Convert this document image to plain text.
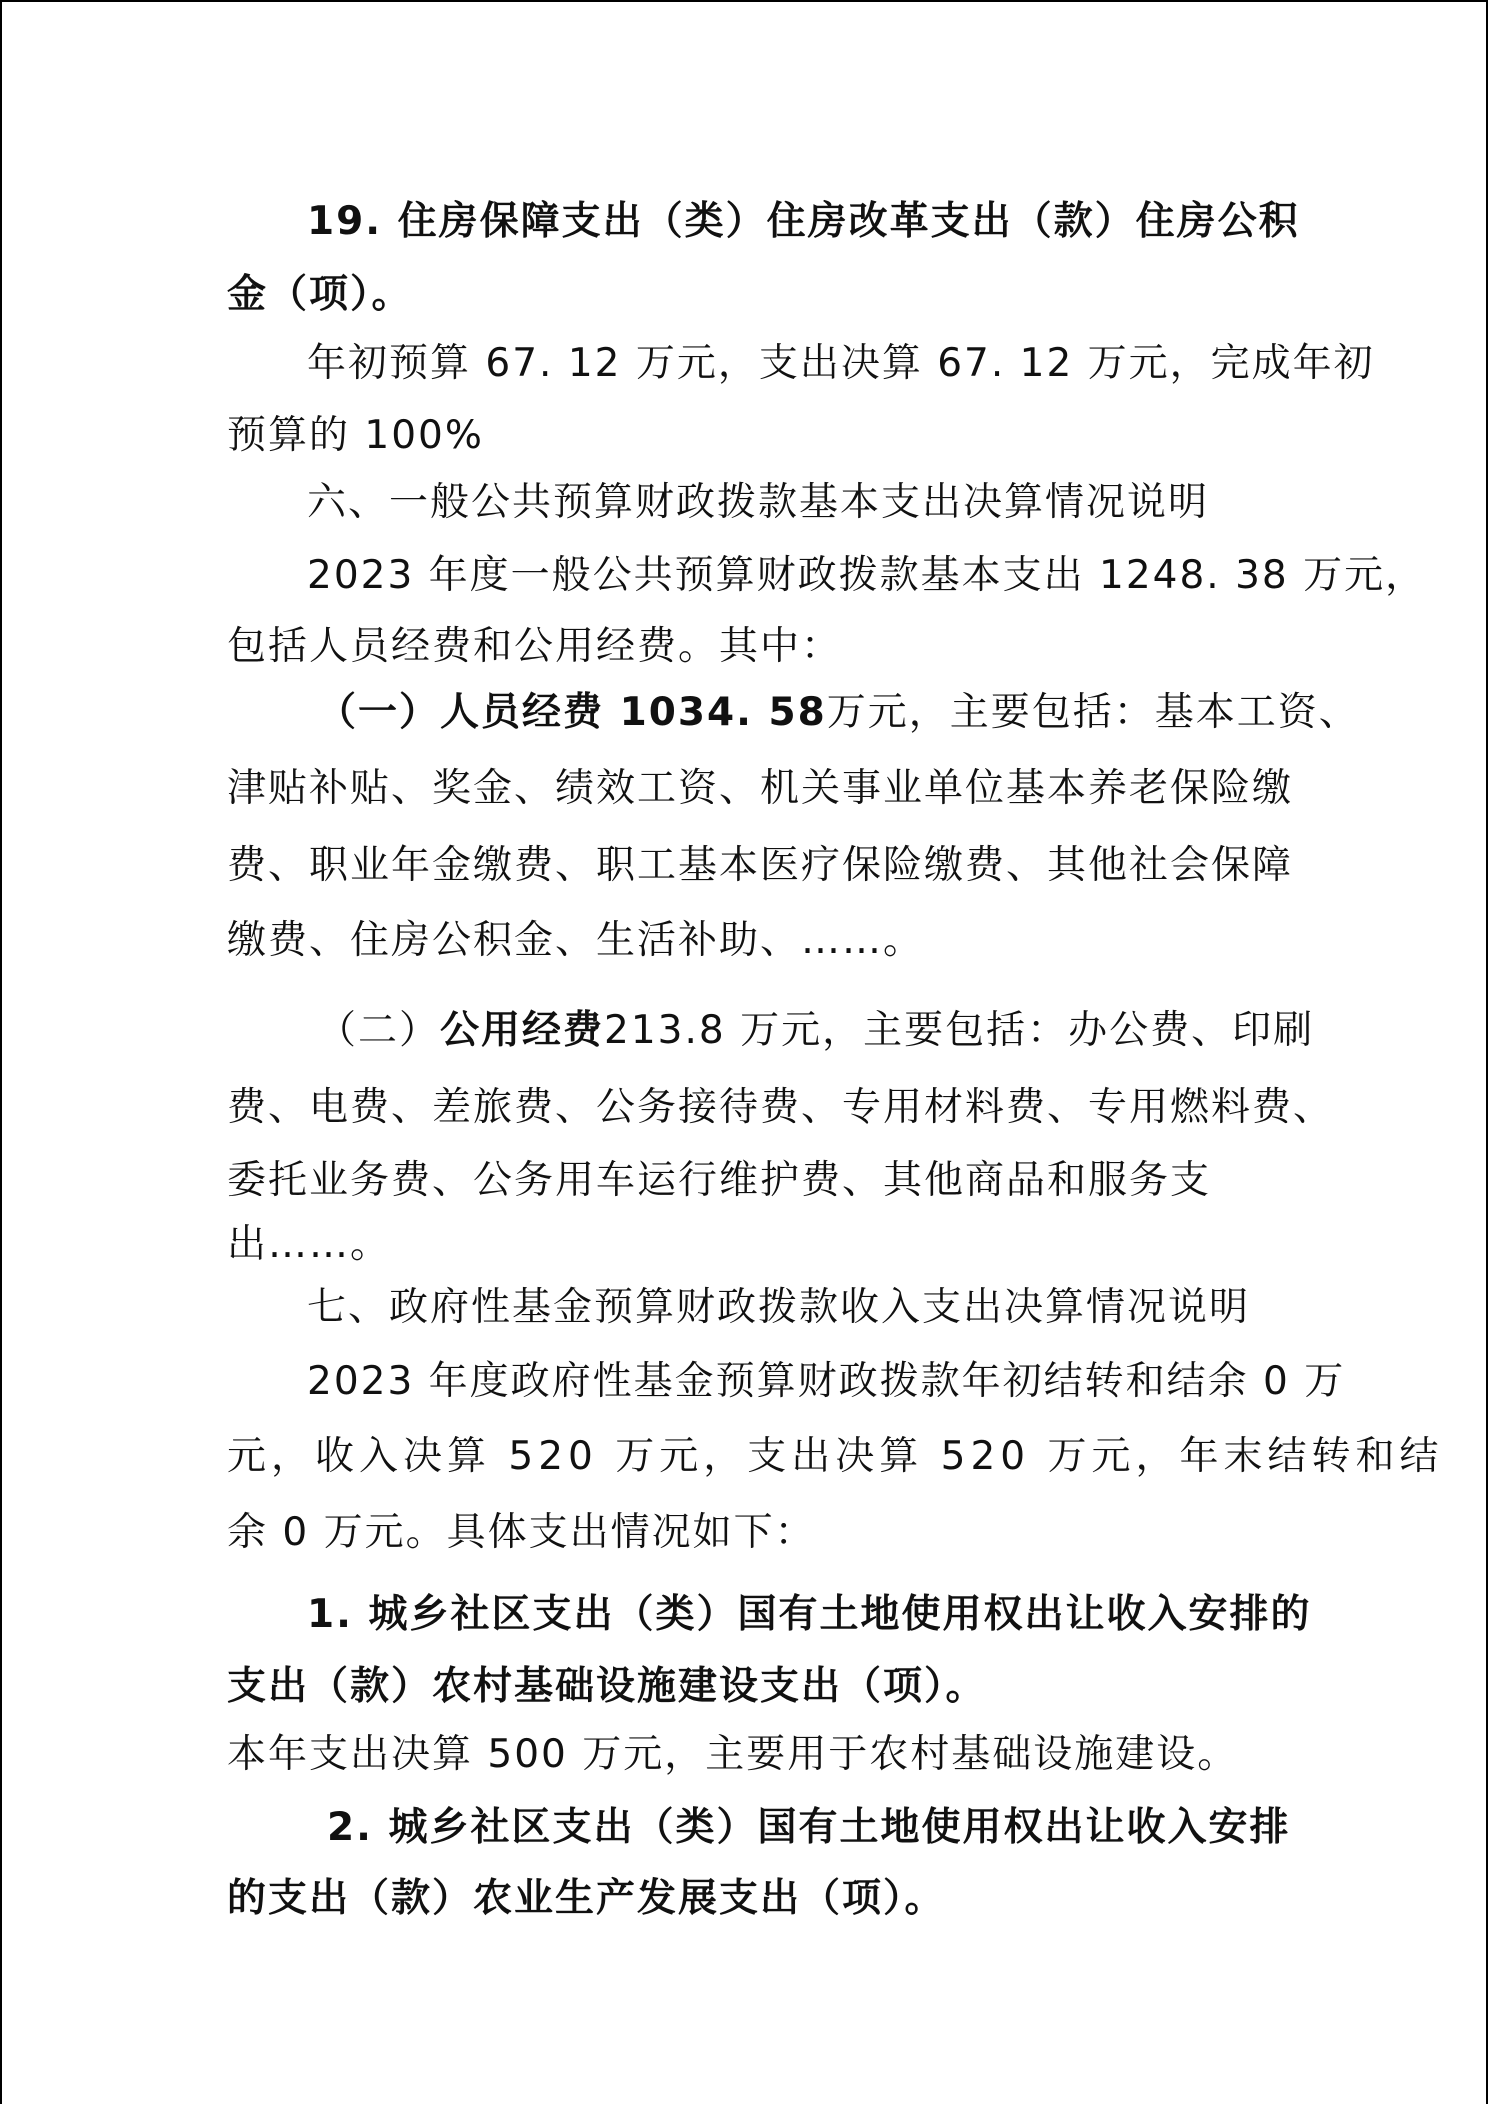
19. 住房保障支出（类）住房改革支出（款）住房公积

金（项）。

年初预算 67. 12 万元，支出决算 67. 12 万元，完成年初

预算的 100%

六、一般公共预算财政拨款基本支出决算情况说明

2023 年度一般公共预算财政拨款基本支出 1248. 38 万元，

包括人员经费和公用经费。其中：

（一）人员经费 1034. 58万元，主要包括：基本工资、

津贴补贴、奖金、绩效工资、机关事业单位基本养老保险缴

费、职业年金缴费、职工基本医疗保险缴费、其他社会保障

缴费、住房公积金、生活补助、……。

（二）公用经费213.8 万元，主要包括：办公费、印刷

费、电费、差旅费、公务接待费、专用材料费、专用燃料费、

委托业务费、公务用车运行维护费、其他商品和服务支

出……。

七、政府性基金预算财政拨款收入支出决算情况说明

2023 年度政府性基金预算财政拨款年初结转和结余 0 万

元，收入决算 520 万元，支出决算 520 万元，年末结转和结

余 0 万元。具体支出情况如下：

1. 城乡社区支出（类）国有土地使用权出让收入安排的

支出（款）农村基础设施建设支出（项）。

本年支出决算 500 万元，主要用于农村基础设施建设。

2. 城乡社区支出（类）国有土地使用权出让收入安排

的支出（款）农业生产发展支出（项）。
